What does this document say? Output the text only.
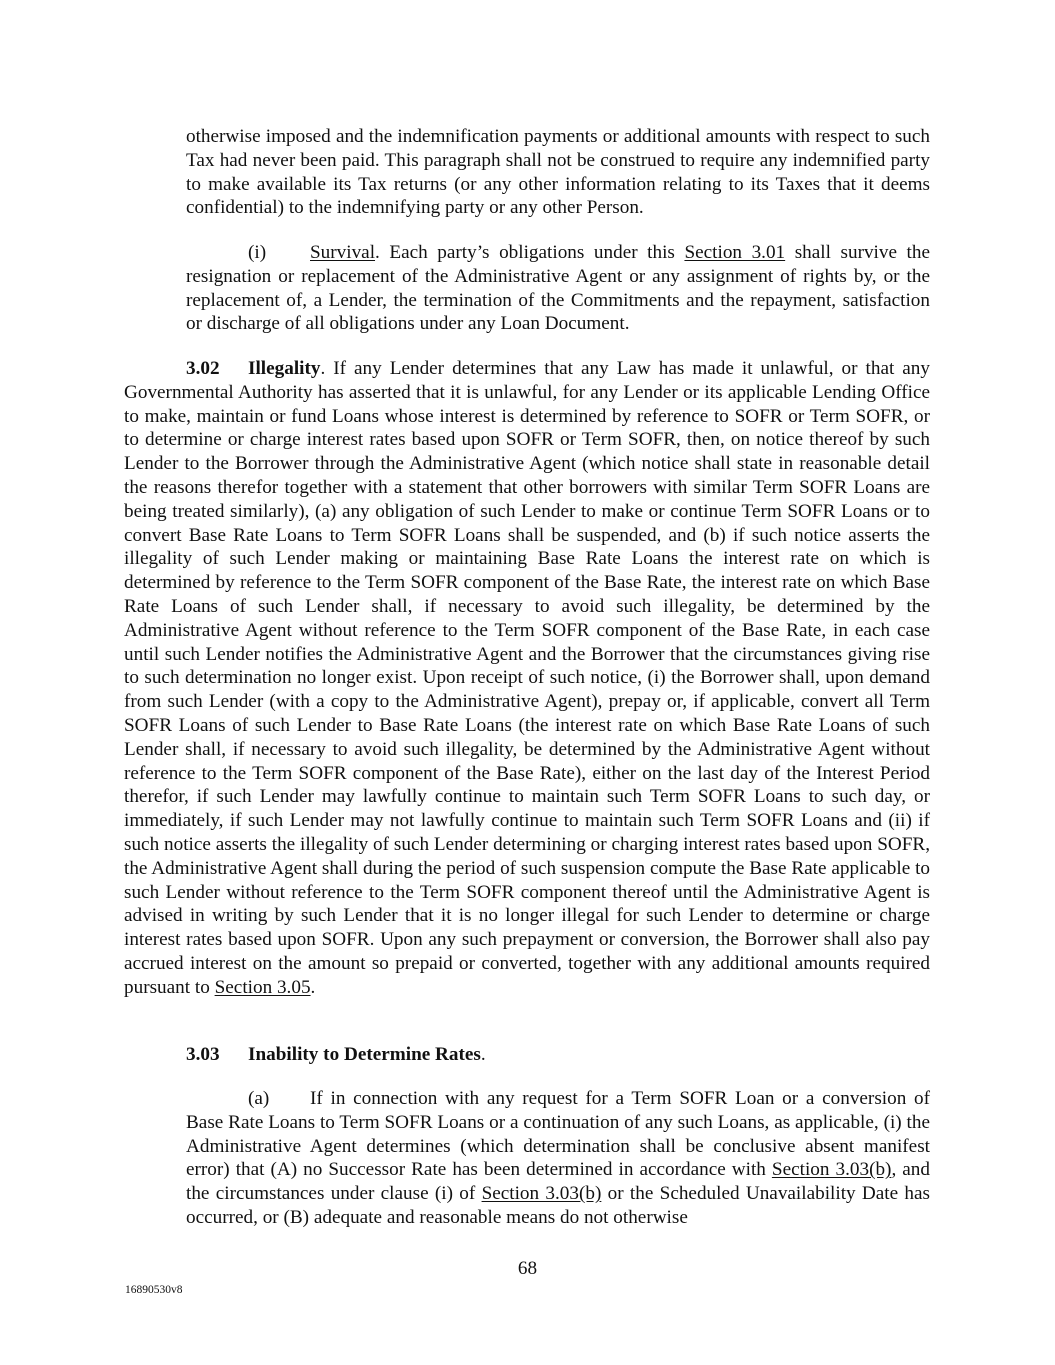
otherwise imposed and the indemnification payments or additional amounts with respect to such Tax had never been paid. This paragraph shall not be construed to require any indemnified party to make available its Tax returns (or any other information relating to its Taxes that it deems confidential) to the indemnifying party or any other Person.

(i) Survival. Each party’s obligations under this Section 3.01 shall survive the resignation or replacement of the Administrative Agent or any assignment of rights by, or the replacement of, a Lender, the termination of the Commitments and the repayment, satisfaction or discharge of all obligations under any Loan Document.

3.02 Illegality. If any Lender determines that any Law has made it unlawful, or that any Governmental Authority has asserted that it is unlawful, for any Lender or its applicable Lending Office to make, maintain or fund Loans whose interest is determined by reference to SOFR or Term SOFR, or to determine or charge interest rates based upon SOFR or Term SOFR, then, on notice thereof by such Lender to the Borrower through the Administrative Agent (which notice shall state in reasonable detail the reasons therefor together with a statement that other borrowers with similar Term SOFR Loans are being treated similarly), (a) any obligation of such Lender to make or continue Term SOFR Loans or to convert Base Rate Loans to Term SOFR Loans shall be suspended, and (b) if such notice asserts the illegality of such Lender making or maintaining Base Rate Loans the interest rate on which is determined by reference to the Term SOFR component of the Base Rate, the interest rate on which Base Rate Loans of such Lender shall, if necessary to avoid such illegality, be determined by the Administrative Agent without reference to the Term SOFR component of the Base Rate, in each case until such Lender notifies the Administrative Agent and the Borrower that the circumstances giving rise to such determination no longer exist. Upon receipt of such notice, (i) the Borrower shall, upon demand from such Lender (with a copy to the Administrative Agent), prepay or, if applicable, convert all Term SOFR Loans of such Lender to Base Rate Loans (the interest rate on which Base Rate Loans of such Lender shall, if necessary to avoid such illegality, be determined by the Administrative Agent without reference to the Term SOFR component of the Base Rate), either on the last day of the Interest Period therefor, if such Lender may lawfully continue to maintain such Term SOFR Loans to such day, or immediately, if such Lender may not lawfully continue to maintain such Term SOFR Loans and (ii) if such notice asserts the illegality of such Lender determining or charging interest rates based upon SOFR, the Administrative Agent shall during the period of such suspension compute the Base Rate applicable to such Lender without reference to the Term SOFR component thereof until the Administrative Agent is advised in writing by such Lender that it is no longer illegal for such Lender to determine or charge interest rates based upon SOFR. Upon any such prepayment or conversion, the Borrower shall also pay accrued interest on the amount so prepaid or converted, together with any additional amounts required pursuant to Section 3.05.

3.03 Inability to Determine Rates.

(a) If in connection with any request for a Term SOFR Loan or a conversion of Base Rate Loans to Term SOFR Loans or a continuation of any such Loans, as applicable, (i) the Administrative Agent determines (which determination shall be conclusive absent manifest error) that (A) no Successor Rate has been determined in accordance with Section 3.03(b), and the circumstances under clause (i) of Section 3.03(b) or the Scheduled Unavailability Date has occurred, or (B) adequate and reasonable means do not otherwise

68
16890530v8
